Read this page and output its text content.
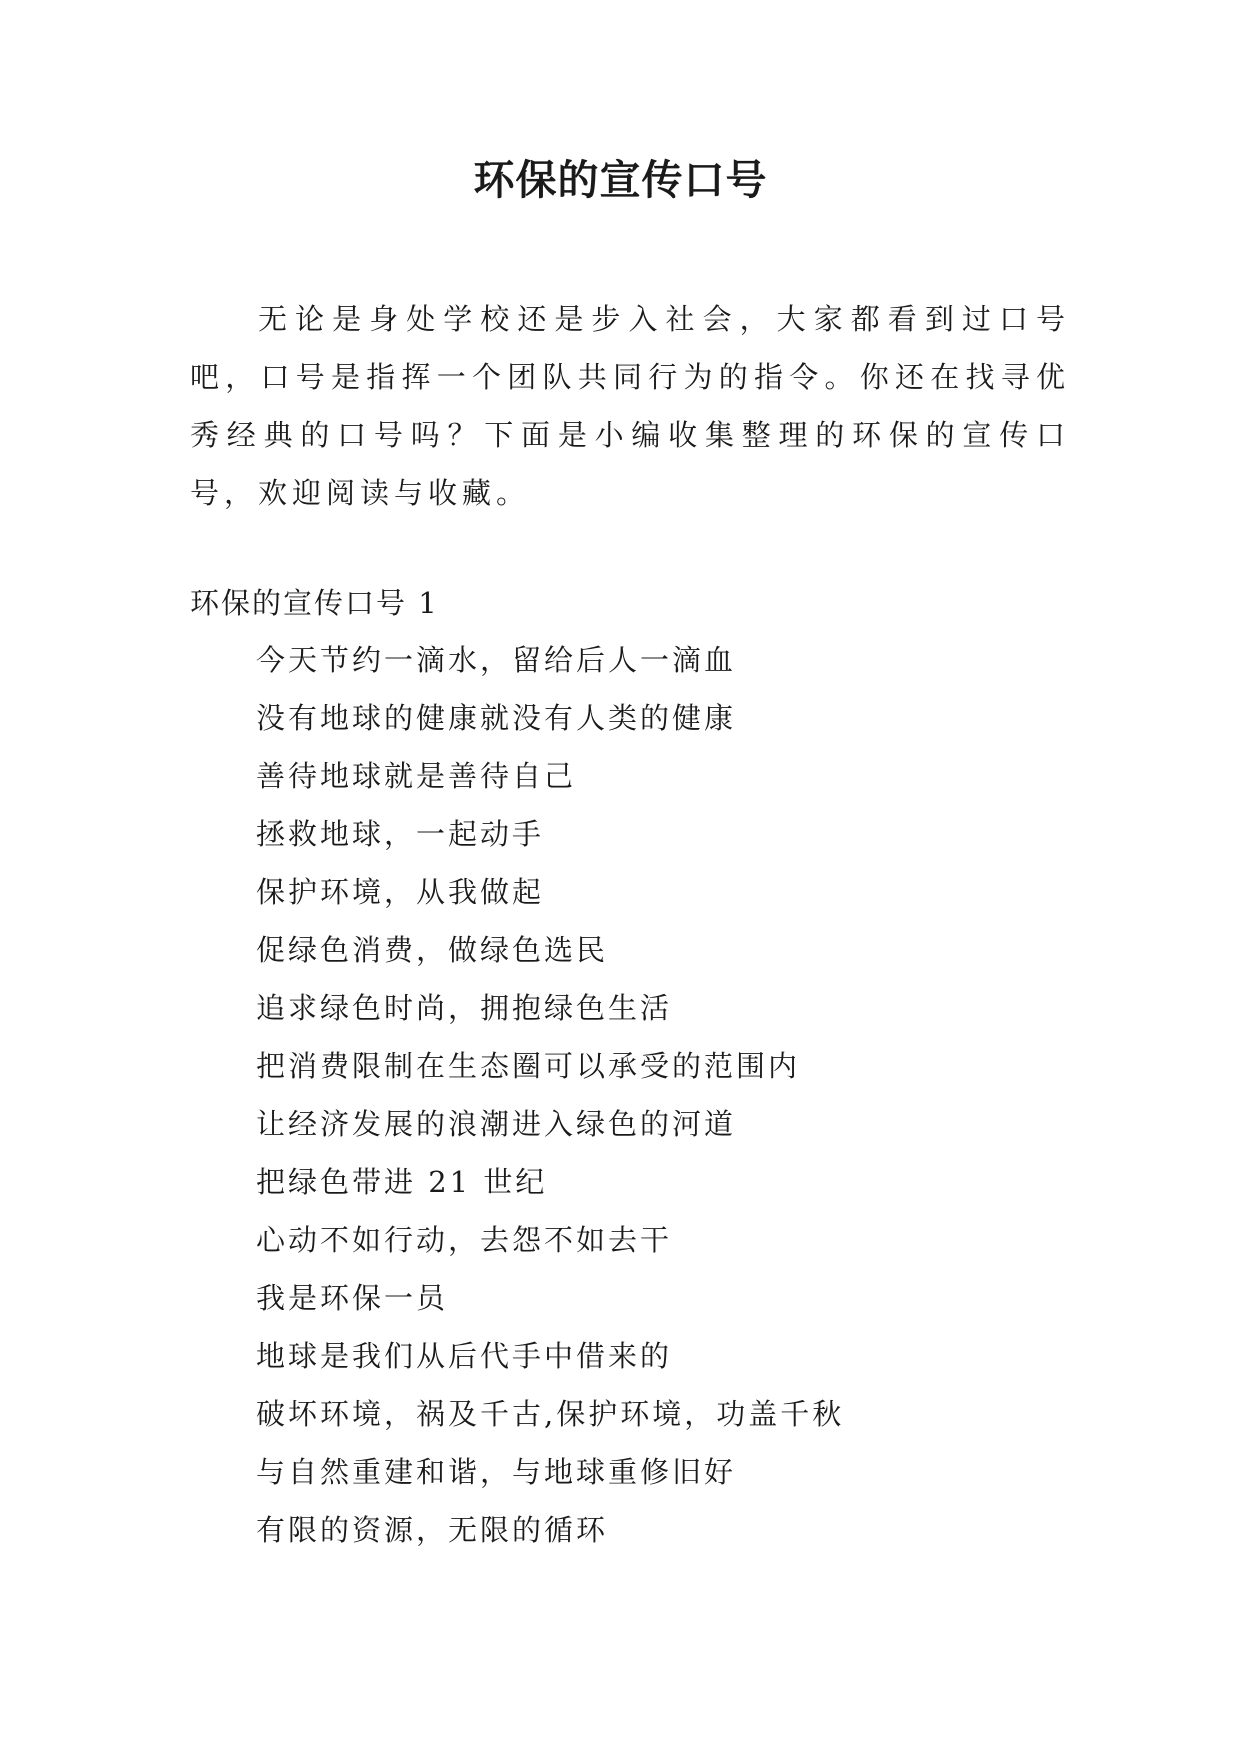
环保的宣传口号

无论是身处学校还是步入社会，大家都看到过口号吧，口号是指挥一个团队共同行为的指令。你还在找寻优秀经典的口号吗？下面是小编收集整理的环保的宣传口号，欢迎阅读与收藏。

环保的宣传口号 1
今天节约一滴水，留给后人一滴血
没有地球的健康就没有人类的健康
善待地球就是善待自己
拯救地球，一起动手
保护环境，从我做起
促绿色消费，做绿色选民
追求绿色时尚，拥抱绿色生活
把消费限制在生态圈可以承受的范围内
让经济发展的浪潮进入绿色的河道
把绿色带进 21 世纪
心动不如行动，去怨不如去干
我是环保一员
地球是我们从后代手中借来的
破坏环境，祸及千古,保护环境，功盖千秋
与自然重建和谐，与地球重修旧好
有限的资源，无限的循环
